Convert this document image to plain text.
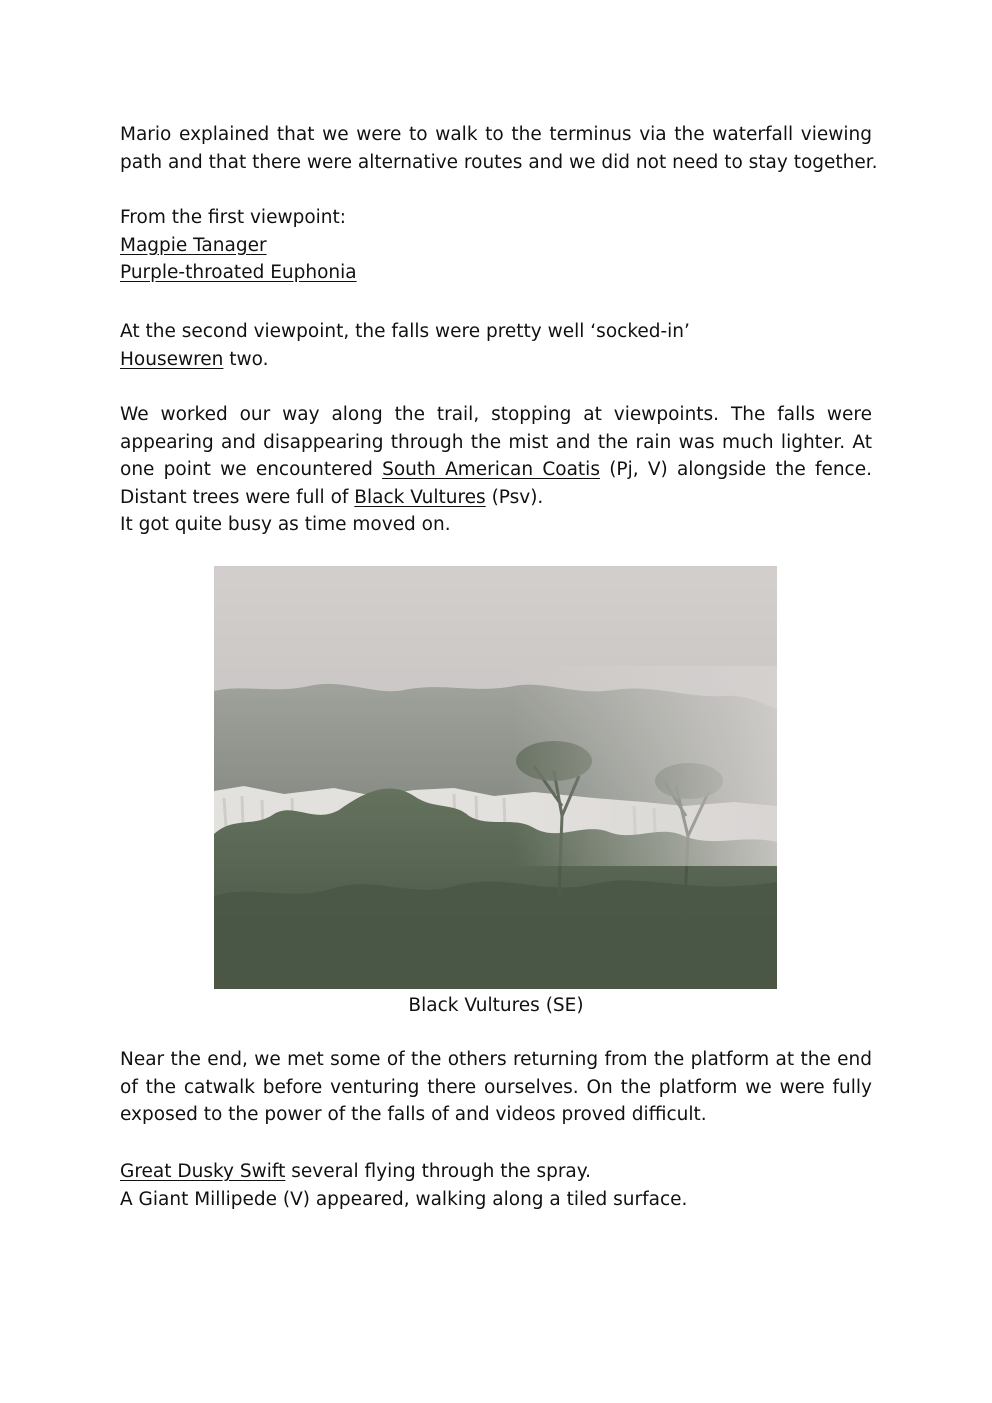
Mario explained that we were to walk to the terminus via the waterfall viewing
path and that there were alternative routes and we did not need to stay together.
From the first viewpoint:
Magpie Tanager
Purple-throated Euphonia
At the second viewpoint, the falls were pretty well ‘socked-in’
Housewren two.
We worked our way along the trail, stopping at viewpoints. The falls were
appearing and disappearing through the mist and the rain was much lighter. At
one point we encountered South American Coatis (Pj, V) alongside the fence.
Distant trees were full of Black Vultures (Psv).
It got quite busy as time moved on.
Black Vultures (SE)
Near the end, we met some of the others returning from the platform at the end
of the catwalk before venturing there ourselves. On the platform we were fully
exposed to the power of the falls of and videos proved difficult.
Great Dusky Swift several flying through the spray.
A Giant Millipede (V) appeared, walking along a tiled surface.
